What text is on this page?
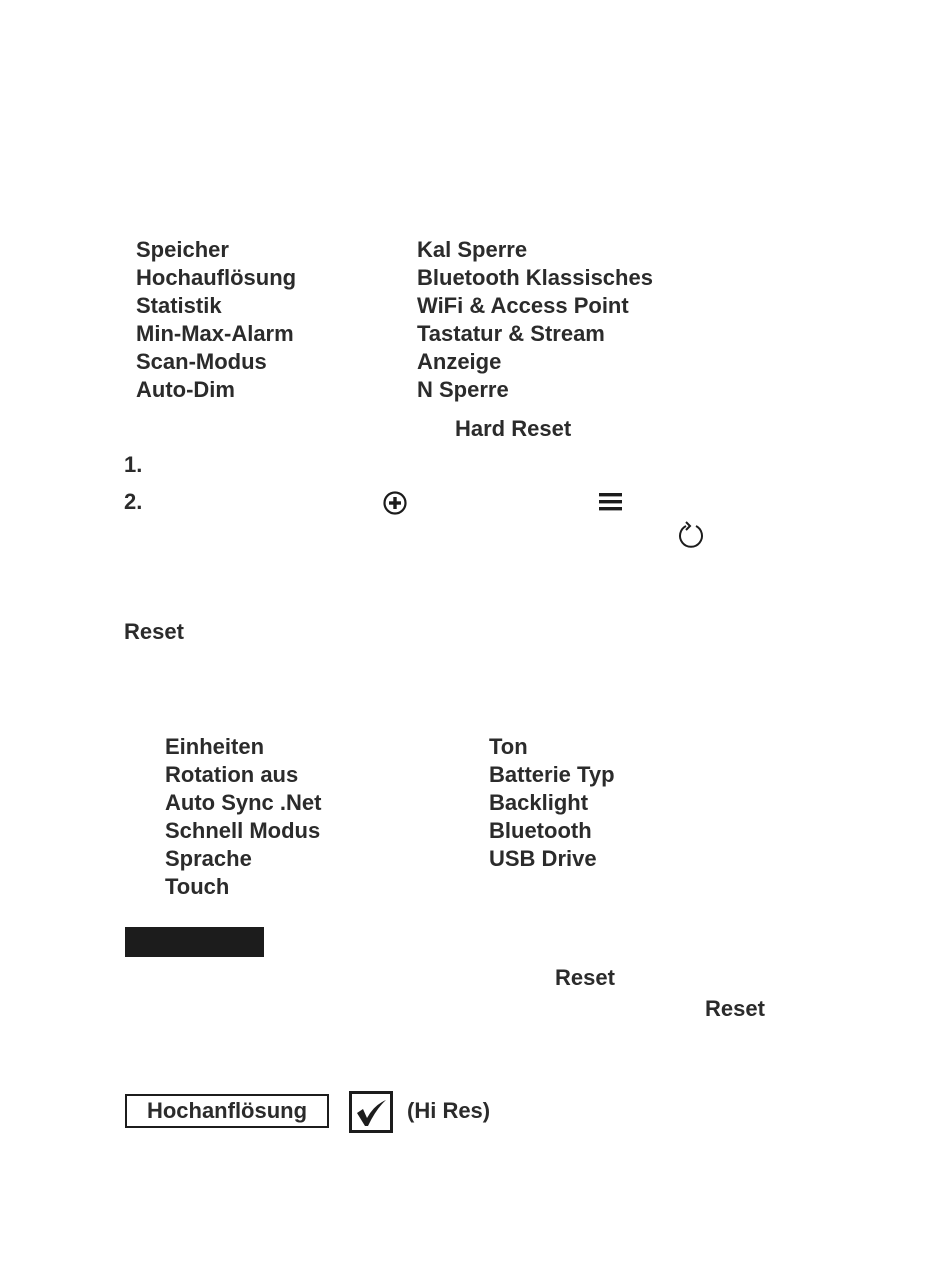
Speicher
Hochauflösung
Statistik
Min-Max-Alarm
Scan-Modus
Auto-Dim
Kal Sperre
Bluetooth Klassisches
WiFi & Access Point
Tastatur & Stream
Anzeige
N Sperre
Hard Reset
1.
2.
Reset
Einheiten
Rotation aus
Auto Sync .Net
Schnell Modus
Sprache
Touch
Ton
Batterie Typ
Backlight
Bluetooth
USB Drive
Reset
Reset
Hochanflösung	(Hi Res)
